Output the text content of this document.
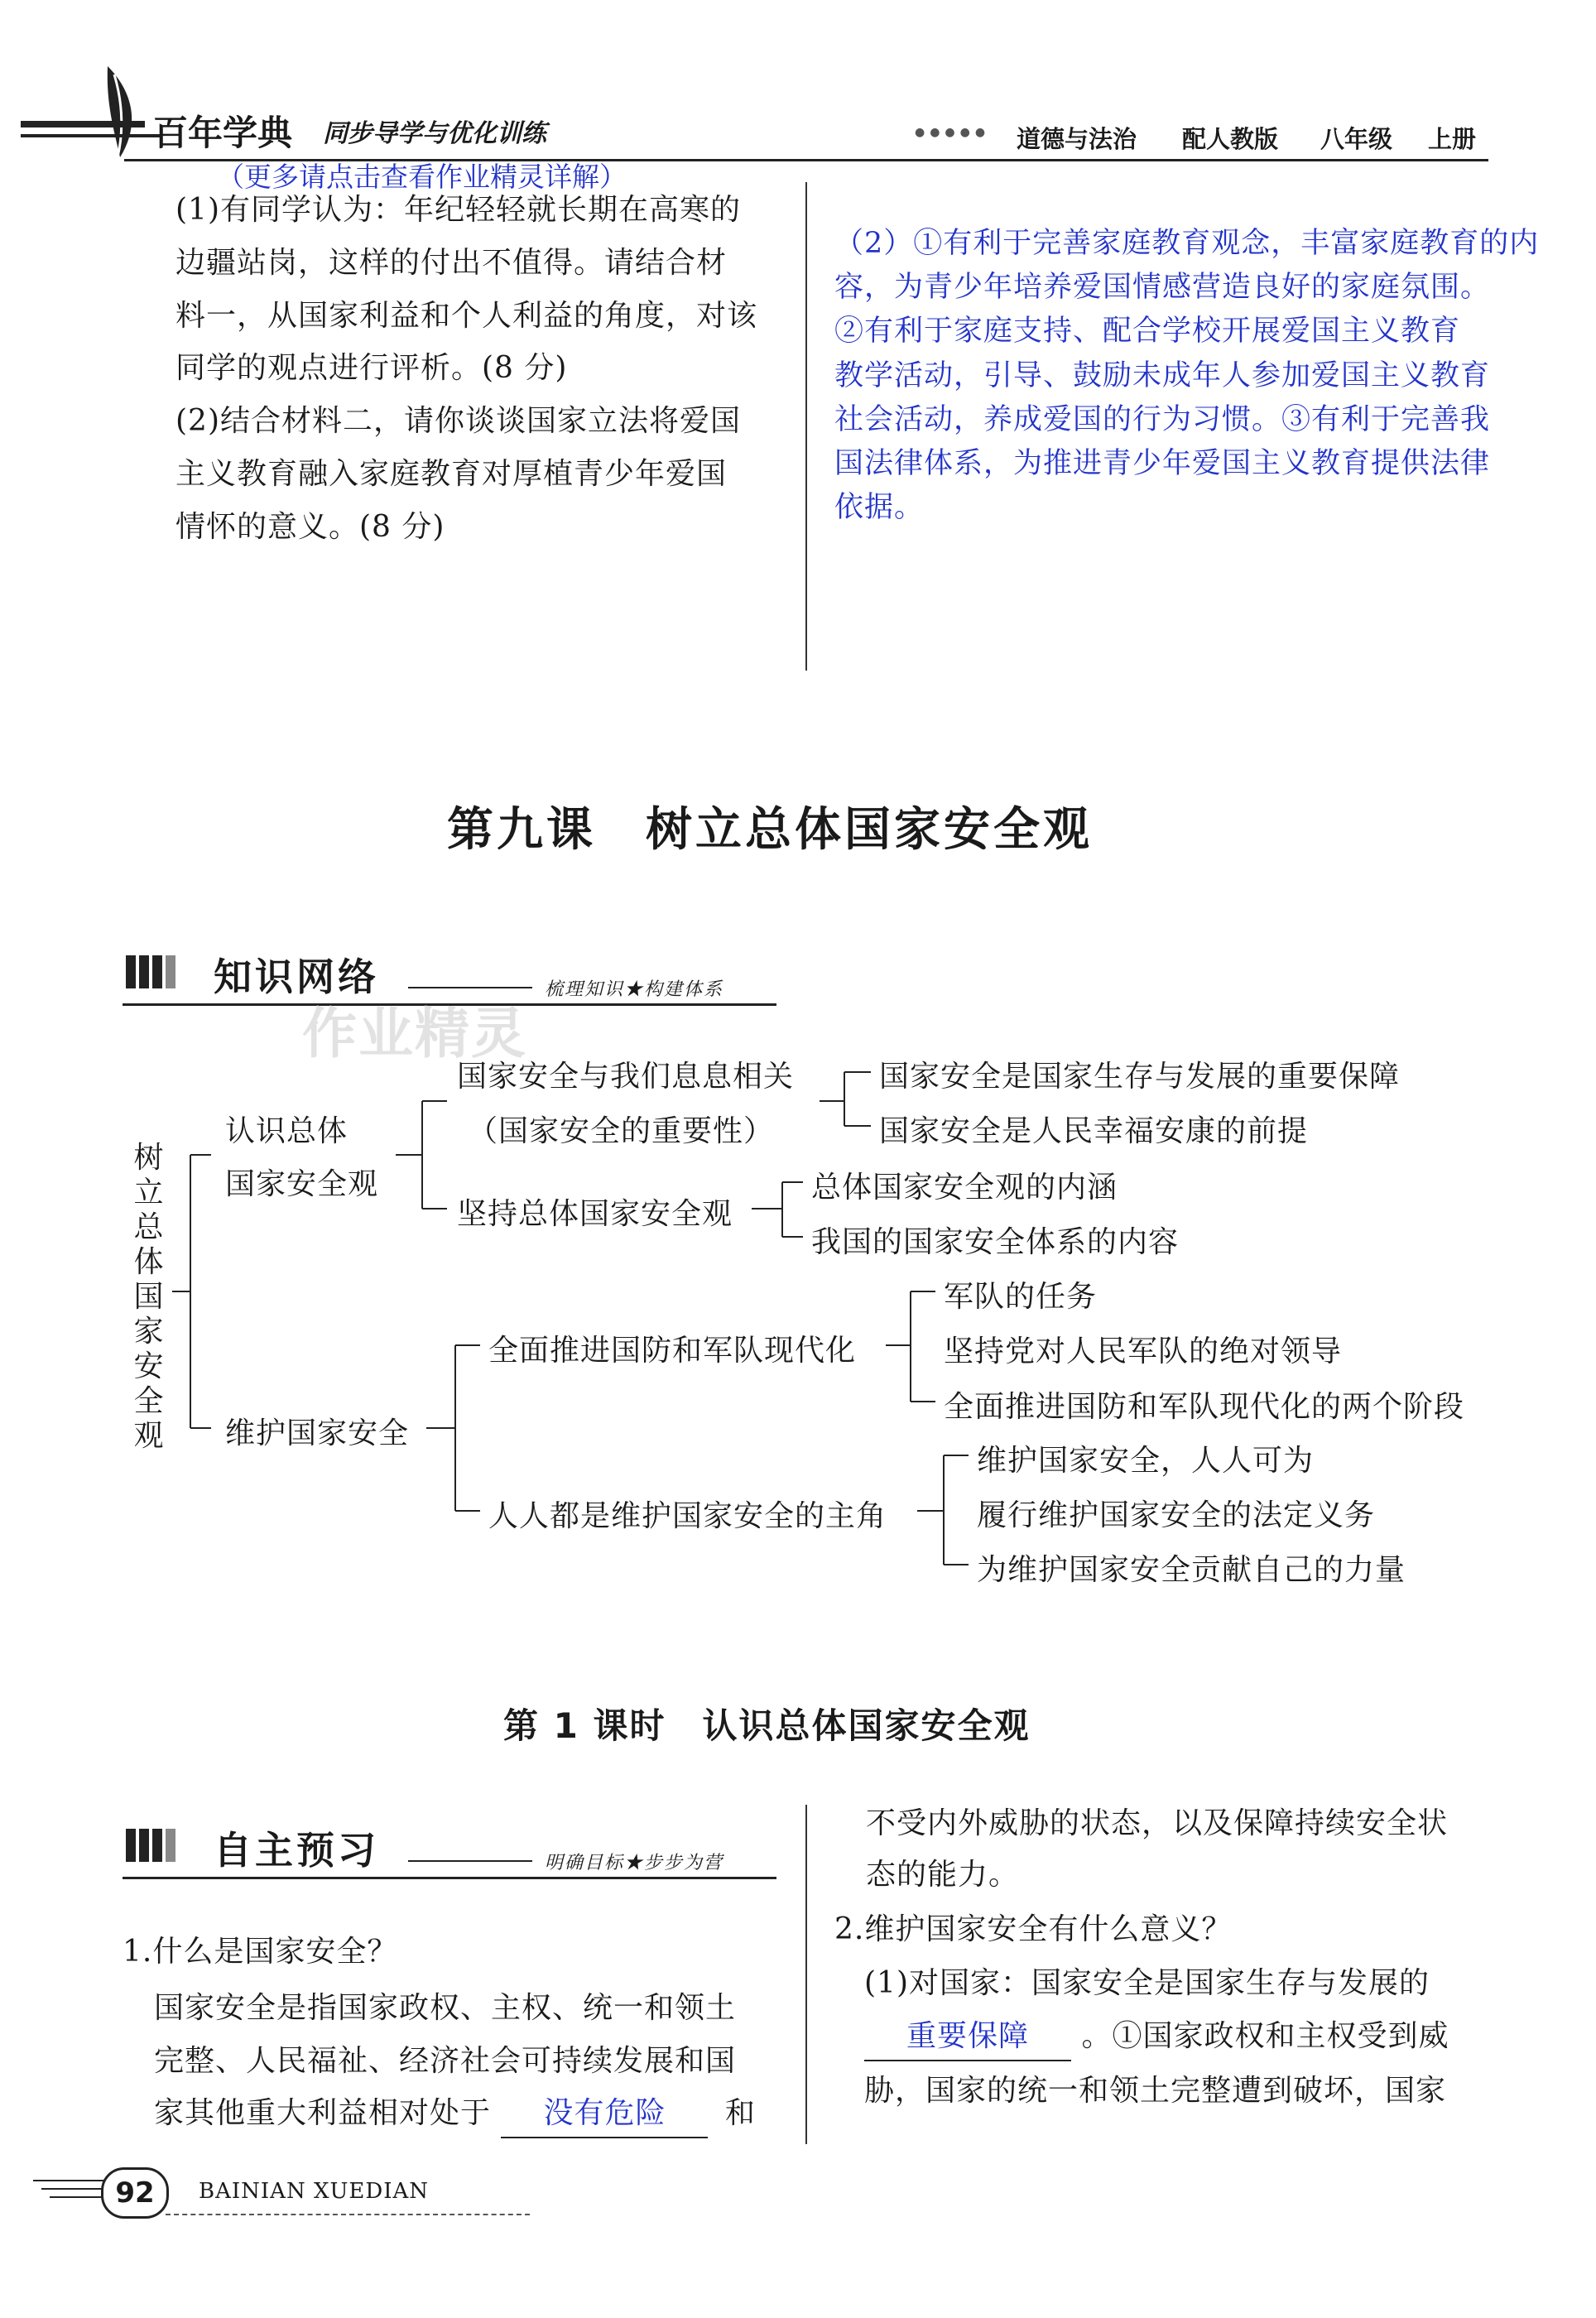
百年学典 同步导学与优化训练	●●●●● 道德与法治 配人教版 八年级 上册
（更多请点击查看作业精灵详解）
(1)有同学认为：年纪轻轻就长期在高寒的
边疆站岗，这样的付出不值得。请结合材
料一，从国家利益和个人利益的角度，对该
同学的观点进行评析。(8 分)
(2)结合材料二，请你谈谈国家立法将爱国
主义教育融入家庭教育对厚植青少年爱国
情怀的意义。(8 分)
（2）①有利于完善家庭教育观念，丰富家庭教育的内
容，为青少年培养爱国情感营造良好的家庭氛围。
②有利于家庭支持、配合学校开展爱国主义教育
教学活动，引导、鼓励未成年人参加爱国主义教育
社会活动，养成爱国的行为习惯。③有利于完善我
国法律体系，为推进青少年爱国主义教育提供法律
依据。
第九课　树立总体国家安全观
知识网络	梳理知识★构建体系
作业精灵
树
立
总
体
国
家
安
全
观
认识总体
国家安全观
国家安全与我们息息相关
（国家安全的重要性）
国家安全是国家生存与发展的重要保障
国家安全是人民幸福安康的前提
坚持总体国家安全观
总体国家安全观的内涵
我国的国家安全体系的内容
维护国家安全
全面推进国防和军队现代化
军队的任务
坚持党对人民军队的绝对领导
全面推进国防和军队现代化的两个阶段
人人都是维护国家安全的主角
维护国家安全，人人可为
履行维护国家安全的法定义务
为维护国家安全贡献自己的力量
第 1 课时　认识总体国家安全观
自主预习	明确目标★步步为营
1.什么是国家安全？
国家安全是指国家政权、主权、统一和领土
完整、人民福祉、经济社会可持续发展和国
家其他重大利益相对处于 没有危险 和
不受内外威胁的状态，以及保障持续安全状
态的能力。
2.维护国家安全有什么意义？
(1)对国家：国家安全是国家生存与发展的
重要保障 。①国家政权和主权受到威
胁，国家的统一和领土完整遭到破坏，国家
92	BAINIAN XUEDIAN
